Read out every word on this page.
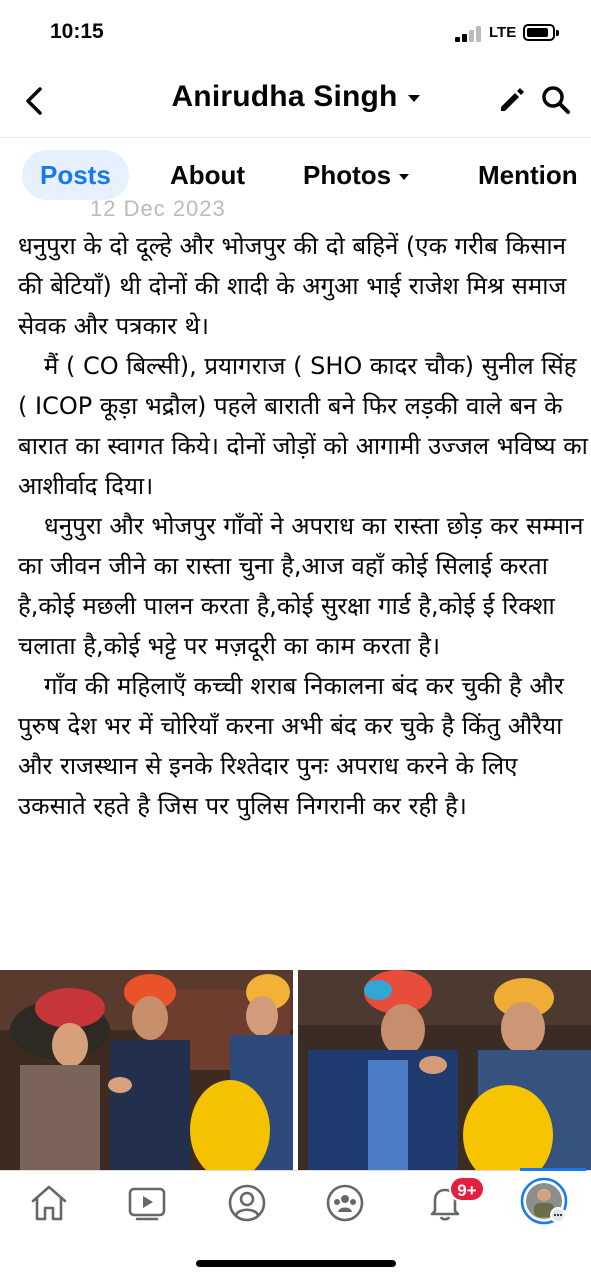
10:15	LTE
Anirudha Singh
Posts	About Photos	Mention
12 Dec 2023

धनुपुरा के दो दूल्हे और भोजपुर की दो बहिनें (एक गरीब किसान की बेटियाँ) थी दोनों की शादी के अगुआ भाई राजेश मिश्र समाज सेवक और पत्रकार थे।

मैं ( CO बिल्सी), प्रयागराज ( SHO कादर चौक) सुनील सिंह ( ICOP कूड़ा भद्रौल) पहले बाराती बने फिर लड़की वाले बन के बारात का स्वागत किये। दोनों जोड़ों को आगामी उज्जल भविष्य का आशीर्वाद दिया।

धनुपुरा और भोजपुर गाँवों ने अपराध का रास्ता छोड़ कर सम्मान का जीवन जीने का रास्ता चुना है,आज वहाँ कोई सिलाई करता है,कोई मछली पालन करता है,कोई सुरक्षा गार्ड है,कोई ई रिक्शा चलाता है,कोई भट्टे पर मज़दूरी का काम करता है।

गाँव की महिलाएँ कच्ची शराब निकालना बंद कर चुकी है और पुरुष देश भर में चोरियाँ करना अभी बंद कर चुके है किंतु औरैया और राजस्थान से इनके रिश्तेदार पुनः अपराध करने के लिए उकसाते रहते है जिस पर पुलिस निगरानी कर रही है।

9+
